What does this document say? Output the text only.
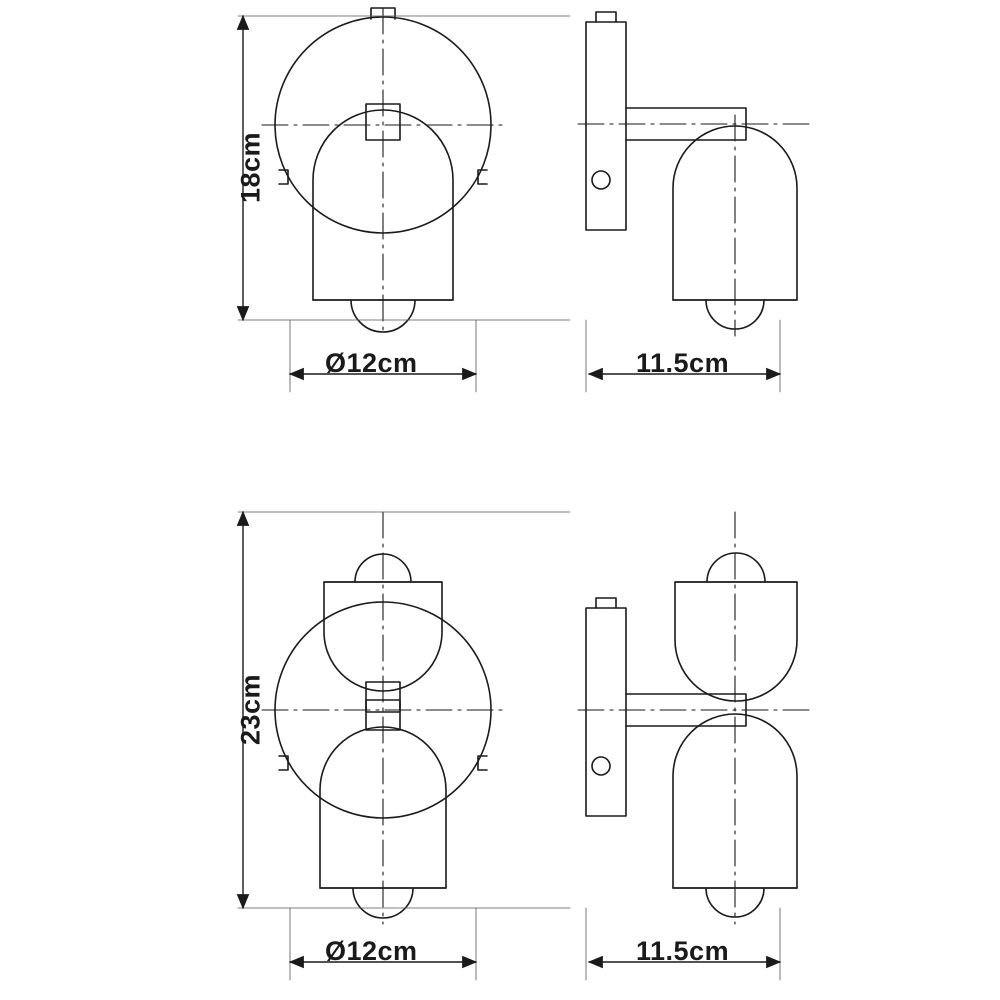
18cm
Ø12cm	11.5cm
23cm
Ø12cm	11.5cm
